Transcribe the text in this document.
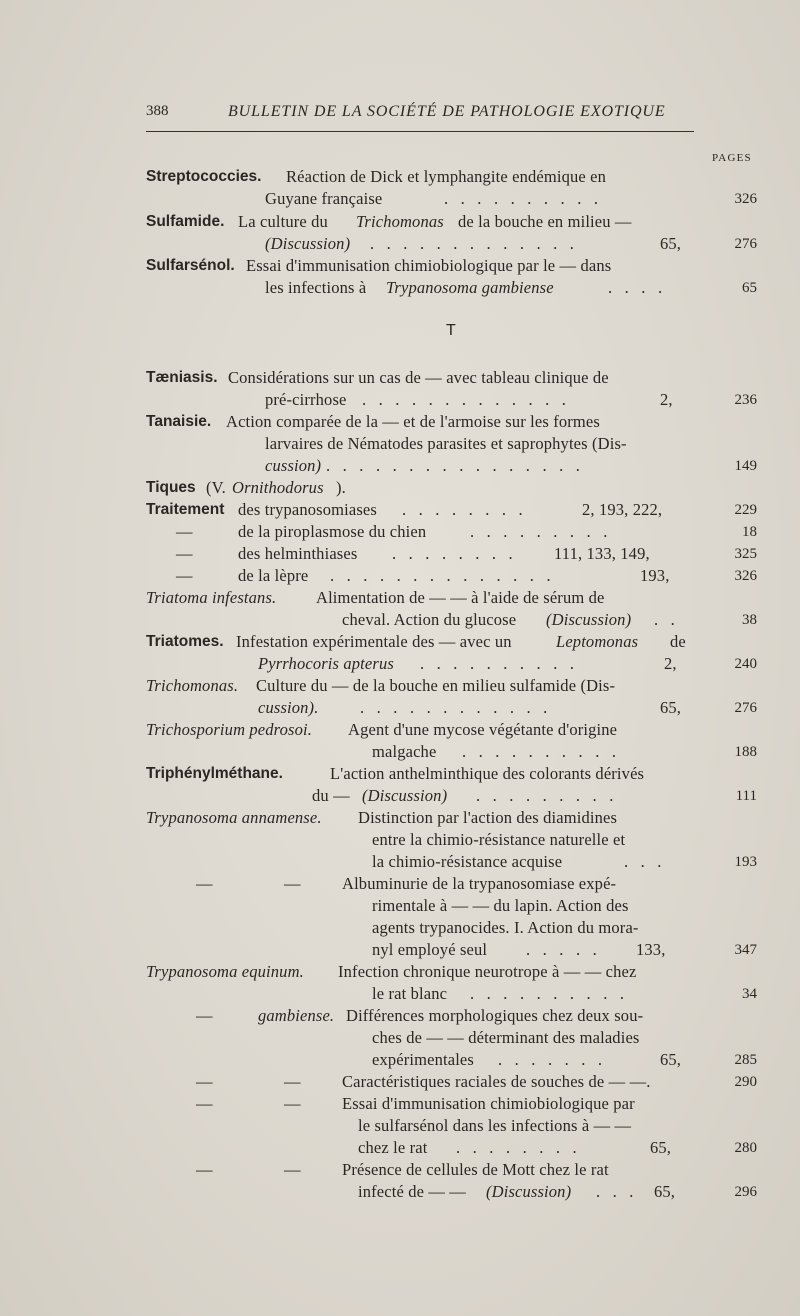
388	BULLETIN DE LA SOCIÉTÉ DE PATHOLOGIE EXOTIQUE
PAGES
Streptococcies. Réaction de Dick et lymphangite endémique en
Guyane française	. . . . . . . . . .	326
Sulfamide. La culture du Trichomonas de la bouche en milieu —
(Discussion) . . . . . . . . . . . . .	65,	276
Sulfarsénol. Essai d'immunisation chimiobiologique par le — dans
les infections à Trypanosoma gambiense	. . . .	65
T
Tæniasis. Considérations sur un cas de — avec tableau clinique de
pré-cirrhose . . . . . . . . . . . . .	2,	236
Tanaisie. Action comparée de la — et de l'armoise sur les formes
larvaires de Nématodes parasites et saprophytes (Dis-
cussion) . . . . . . . . . . . . . . . .	149
Tiques (V. Ornithodorus ).
Traitement des trypanosomiases . . . . . . . .	2, 193, 222,	229
—	de la piroplasmose du chien	. . . . . . . . .	18
—	des helminthiases . . . . . . . . 111, 133, 149,	325
—	de la lèpre . . . . . . . . . . . . . .	193,	326
Triatoma infestans. Alimentation de — — à l'aide de sérum de
cheval. Action du glucose (Discussion) . .	38
Triatomes. Infestation expérimentale des — avec un	Leptomonas de
Pyrrhocoris apterus . . . . . . . . . .	2,	240
Trichomonas. Culture du — de la bouche en milieu sulfamide (Dis-
cussion).	. . . . . . . . . . . .	65,	276
Trichosporium pedrosoi. Agent d'une mycose végétante d'origine
malgache . . . . . . . . . .	188
Triphénylméthane.	L'action anthelminthique des colorants dérivés
du — (Discussion) . . . . . . . . .	111
Trypanosoma annamense. Distinction par l'action des diamidines
entre la chimio-résistance naturelle et
la chimio-résistance acquise	. . .	193
—	—	Albuminurie de la trypanosomiase expé-
rimentale à — — du lapin. Action des
agents trypanocides. I. Action du mora-
nyl employé seul . . . . . 133,	347
Trypanosoma equinum. Infection chronique neurotrope à — — chez
le rat blanc . . . . . . . . . .	34
—	gambiense. Différences morphologiques chez deux sou-
ches de — — déterminant des maladies
expérimentales . . . . . . .	65,	285
—	—	Caractéristiques raciales de souches de — —.	290
—	—	Essai d'immunisation chimiobiologique par
le sulfarsénol dans les infections à — —
chez le rat . . . . . . . .	65,	280
—	—	Présence de cellules de Mott chez le rat
infecté de — — (Discussion) . . . 65,	296
